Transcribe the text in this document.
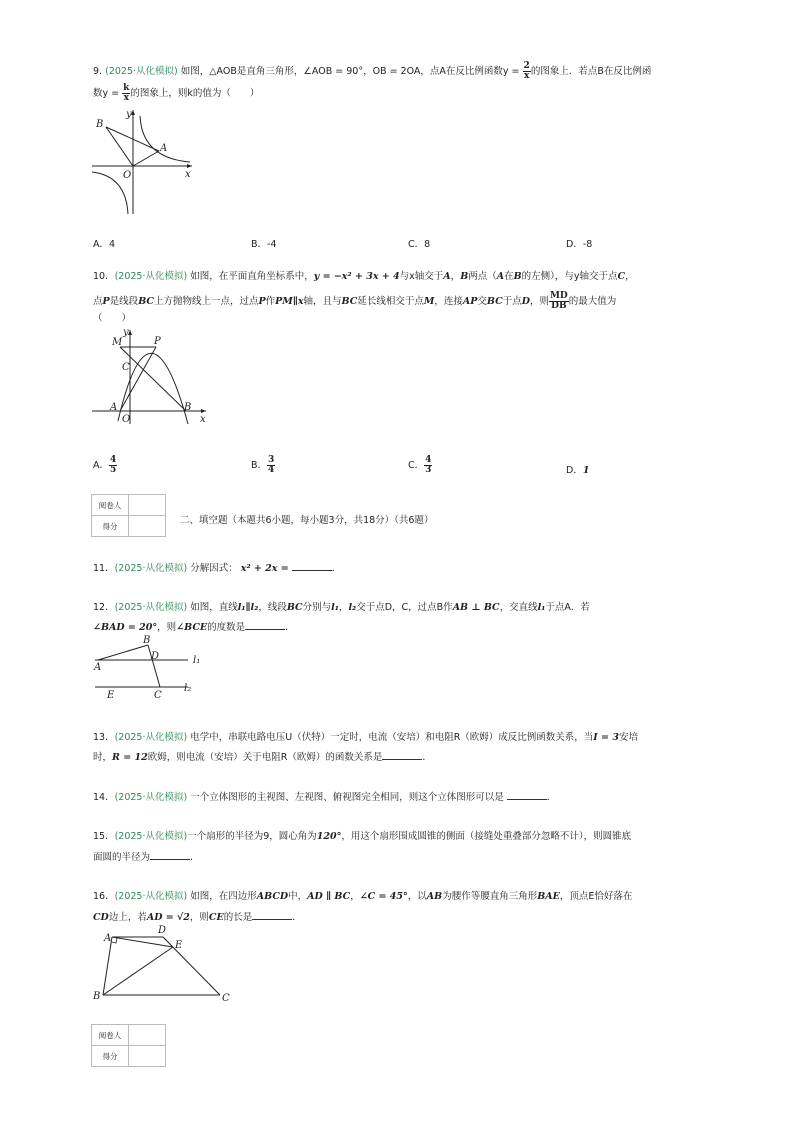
9. (2025·从化模拟) 如图，△AOB是直角三角形，∠AOB = 90°，OB = 2OA，点A在反比例函数$y = \frac{2}{x}$ 的图象上．若点B在反比例函
数$y = \frac{k}{x}$ 的图象上，则k的值为（　　）
B
y
A
O	x
A．4	B．-4	C．8	D．-8
10．(2025·从化模拟) 如图，在平面直角坐标系中，y = −x² + 3x + 4与x轴交于A，B两点（A在B的左侧），与y轴交于点C，
点P是线段BC上方抛物线上一点，过点P作PM∥x轴，且与BC延长线相交于点M，连接AP交BC于点D，则 $\frac{MD}{DB}$ 的最大值为
（　　）
M
y
P
C
A
O
B
x
A． $\frac{4}{5}$	B． $\frac{3}{4}$	C． $\frac{4}{3}$	D．1
阅卷人	
得分		二、填空题（本题共6小题，每小题3分，共18分）（共6题）
11．(2025·从化模拟) 分解因式： x² + 2x =	．
12．(2025·从化模拟) 如图，直线l₁∥l₂，线段BC分别与l₁，l₂交于点D，C，过点B作AB ⊥ BC，交直线l₁于点A．若
∠BAD = 20°，则∠BCE的度数是	．
B
A
D	l₁
E	C
l₂
13．(2025·从化模拟) 电学中，串联电路电压U（伏特）一定时，电流（安培）和电阻R（欧姆）成反比例函数关系，当I = 3安培
时，R = 12欧姆，则电流（安培）关于电阻R（欧姆）的函数关系是	．
14．(2025·从化模拟) 一个立体图形的主视图、左视图、俯视图完全相同，则这个立体图形可以是	．
15．(2025·从化模拟)一个扇形的半径为9，圆心角为120°，用这个扇形围成圆锥的侧面（接缝处重叠部分忽略不计），则圆锥底
面圆的半径为	．
16．(2025·从化模拟) 如图，在四边形ABCD中，AD ∥ BC，∠C = 45°，以AB为腰作等腰直角三角形BAE，顶点E恰好落在
CD边上，若AD = √2，则CE的长是	．
A
D
E
B	C
阅卷人	
得分	
